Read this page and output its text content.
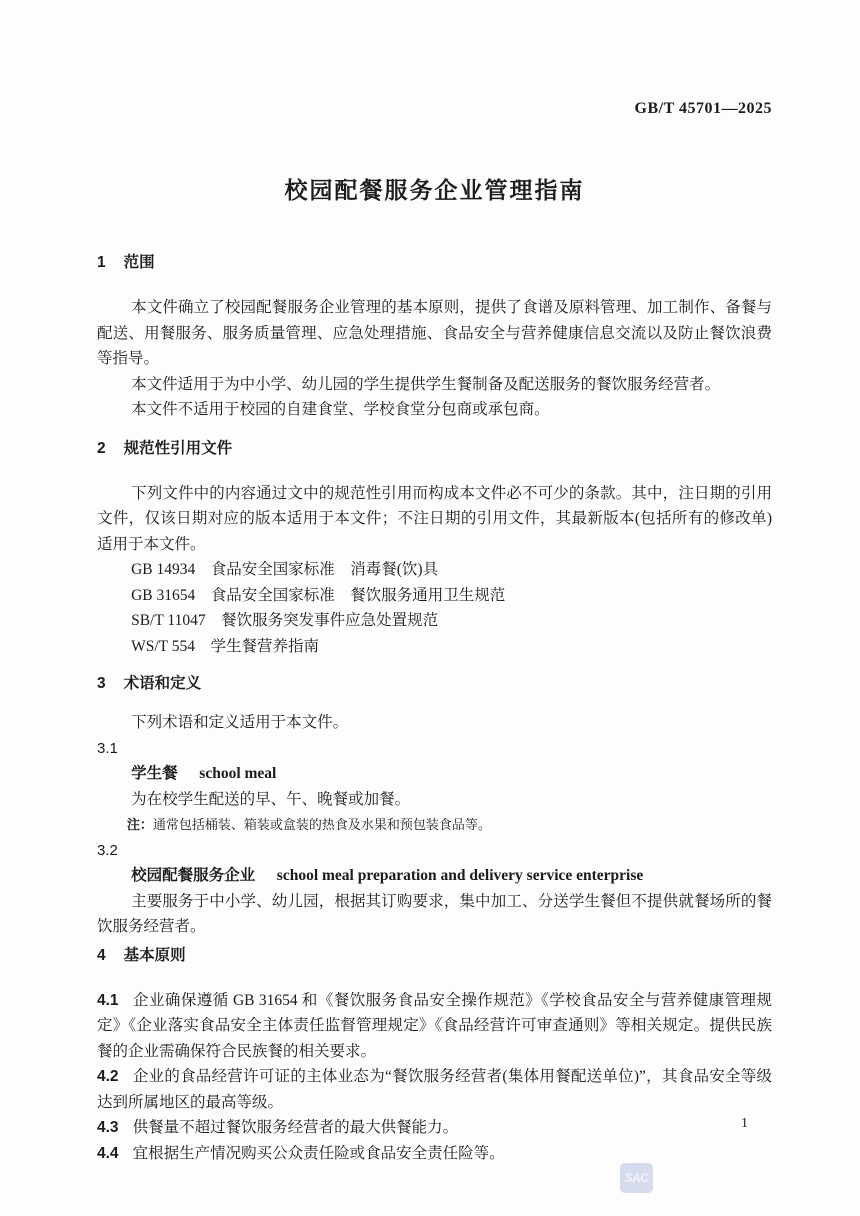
GB/T 45701—2025
校园配餐服务企业管理指南
1 范围

本文件确立了校园配餐服务企业管理的基本原则，提供了食谱及原料管理、加工制作、备餐与配送、用餐服务、服务质量管理、应急处理措施、食品安全与营养健康信息交流以及防止餐饮浪费等指导。

本文件适用于为中小学、幼儿园的学生提供学生餐制备及配送服务的餐饮服务经营者。

本文件不适用于校园的自建食堂、学校食堂分包商或承包商。

2 规范性引用文件

下列文件中的内容通过文中的规范性引用而构成本文件必不可少的条款。其中，注日期的引用文件，仅该日期对应的版本适用于本文件；不注日期的引用文件，其最新版本(包括所有的修改单)适用于本文件。

GB 14934　食品安全国家标准　消毒餐(饮)具

GB 31654　食品安全国家标准　餐饮服务通用卫生规范

SB/T 11047　餐饮服务突发事件应急处置规范

WS/T 554　学生餐营养指南

3 术语和定义

下列术语和定义适用于本文件。

3.1

学生餐 school meal

为在校学生配送的早、午、晚餐或加餐。

注：通常包括桶装、箱装或盒装的热食及水果和预包装食品等。

3.2

校园配餐服务企业 school meal preparation and delivery service enterprise

主要服务于中小学、幼儿园，根据其订购要求，集中加工、分送学生餐但不提供就餐场所的餐饮服务经营者。

4 基本原则

4.1 企业确保遵循 GB 31654 和《餐饮服务食品安全操作规范》《学校食品安全与营养健康管理规定》《企业落实食品安全主体责任监督管理规定》《食品经营许可审查通则》等相关规定。提供民族餐的企业需确保符合民族餐的相关要求。

4.2 企业的食品经营许可证的主体业态为“餐饮服务经营者(集体用餐配送单位)”，其食品安全等级达到所属地区的最高等级。

4.3 供餐量不超过餐饮服务经营者的最大供餐能力。

4.4 宜根据生产情况购买公众责任险或食品安全责任险等。

1
SAC
